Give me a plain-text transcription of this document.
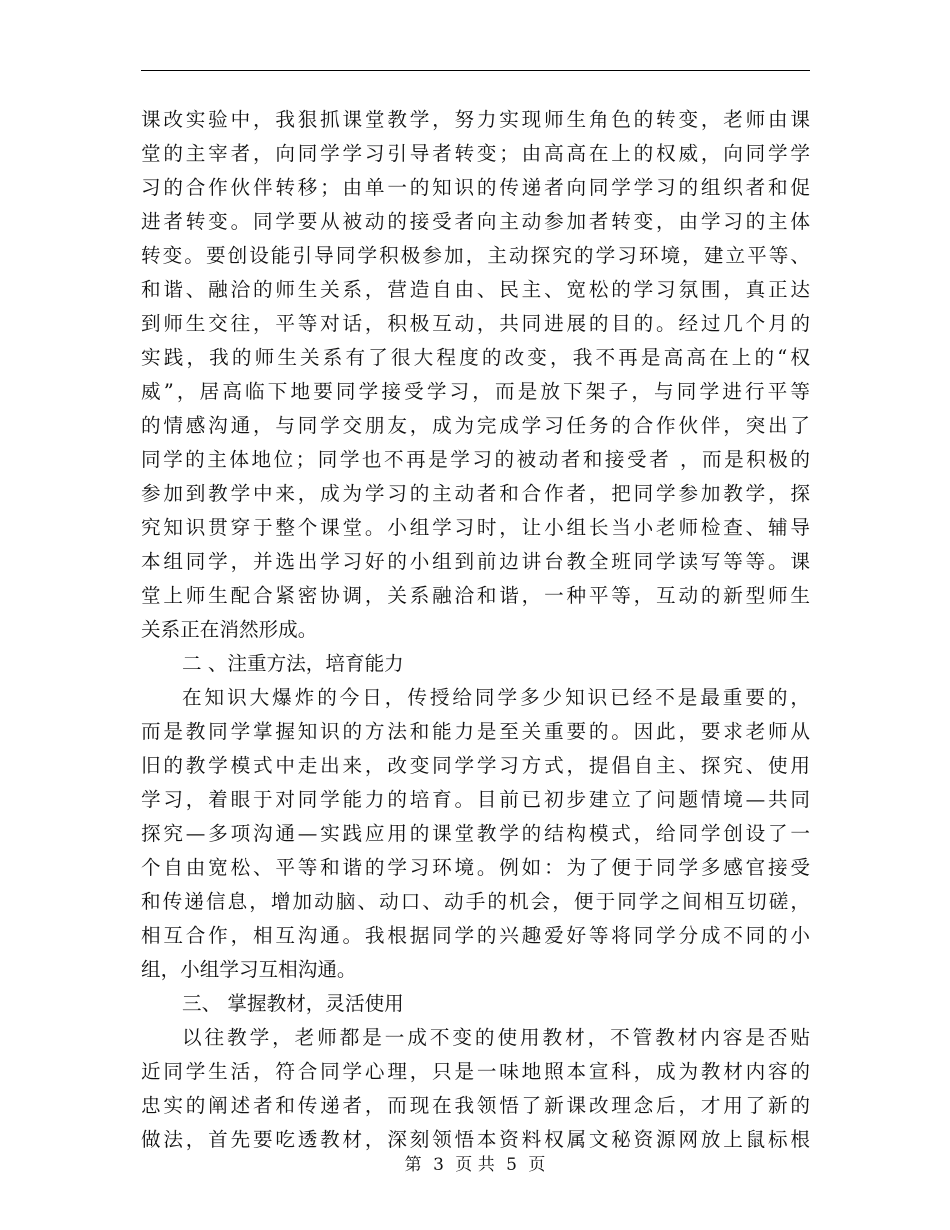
课改实验中，我狠抓课堂教学，努力实现师生角色的转变，老师由课
堂的主宰者，向同学学习引导者转变；由高高在上的权威，向同学学
习的合作伙伴转移；由单一的知识的传递者向同学学习的组织者和促
进者转变。同学要从被动的接受者向主动参加者转变，由学习的主体
转变。要创设能引导同学积极参加，主动探究的学习环境，建立平等、
和谐、融洽的师生关系，营造自由、民主、宽松的学习氛围，真正达
到师生交往，平等对话，积极互动，共同进展的目的。经过几个月的
实践，我的师生关系有了很大程度的改变，我不再是高高在上的“权
威”，居高临下地要同学接受学习，而是放下架子，与同学进行平等
的情感沟通，与同学交朋友，成为完成学习任务的合作伙伴，突出了
同学的主体地位；同学也不再是学习的被动者和接受者 ，而是积极的
参加到教学中来，成为学习的主动者和合作者，把同学参加教学，探
究知识贯穿于整个课堂。小组学习时，让小组长当小老师检查、辅导
本组同学，并选出学习好的小组到前边讲台教全班同学读写等等。课
堂上师生配合紧密协调，关系融洽和谐，一种平等，互动的新型师生
关系正在消然形成。
二 、注重方法，培育能力
在知识大爆炸的今日，传授给同学多少知识已经不是最重要的，
而是教同学掌握知识的方法和能力是至关重要的。因此，要求老师从
旧的教学模式中走出来，改变同学学习方式，提倡自主、探究、使用
学习，着眼于对同学能力的培育。目前已初步建立了问题情境—共同
探究—多项沟通—实践应用的课堂教学的结构模式，给同学创设了一
个自由宽松、平等和谐的学习环境。例如：为了便于同学多感官接受
和传递信息，增加动脑、动口、动手的机会，便于同学之间相互切磋，
相互合作，相互沟通。我根据同学的兴趣爱好等将同学分成不同的小
组，小组学习互相沟通。
三、 掌握教材，灵活使用
以往教学，老师都是一成不变的使用教材，不管教材内容是否贴
近同学生活，符合同学心理，只是一味地照本宣科，成为教材内容的
忠实的阐述者和传递者，而现在我领悟了新课改理念后，才用了新的
做法，首先要吃透教材，深刻领悟本资料权属文秘资源网放上鼠标根
第 3 页 共 5 页
